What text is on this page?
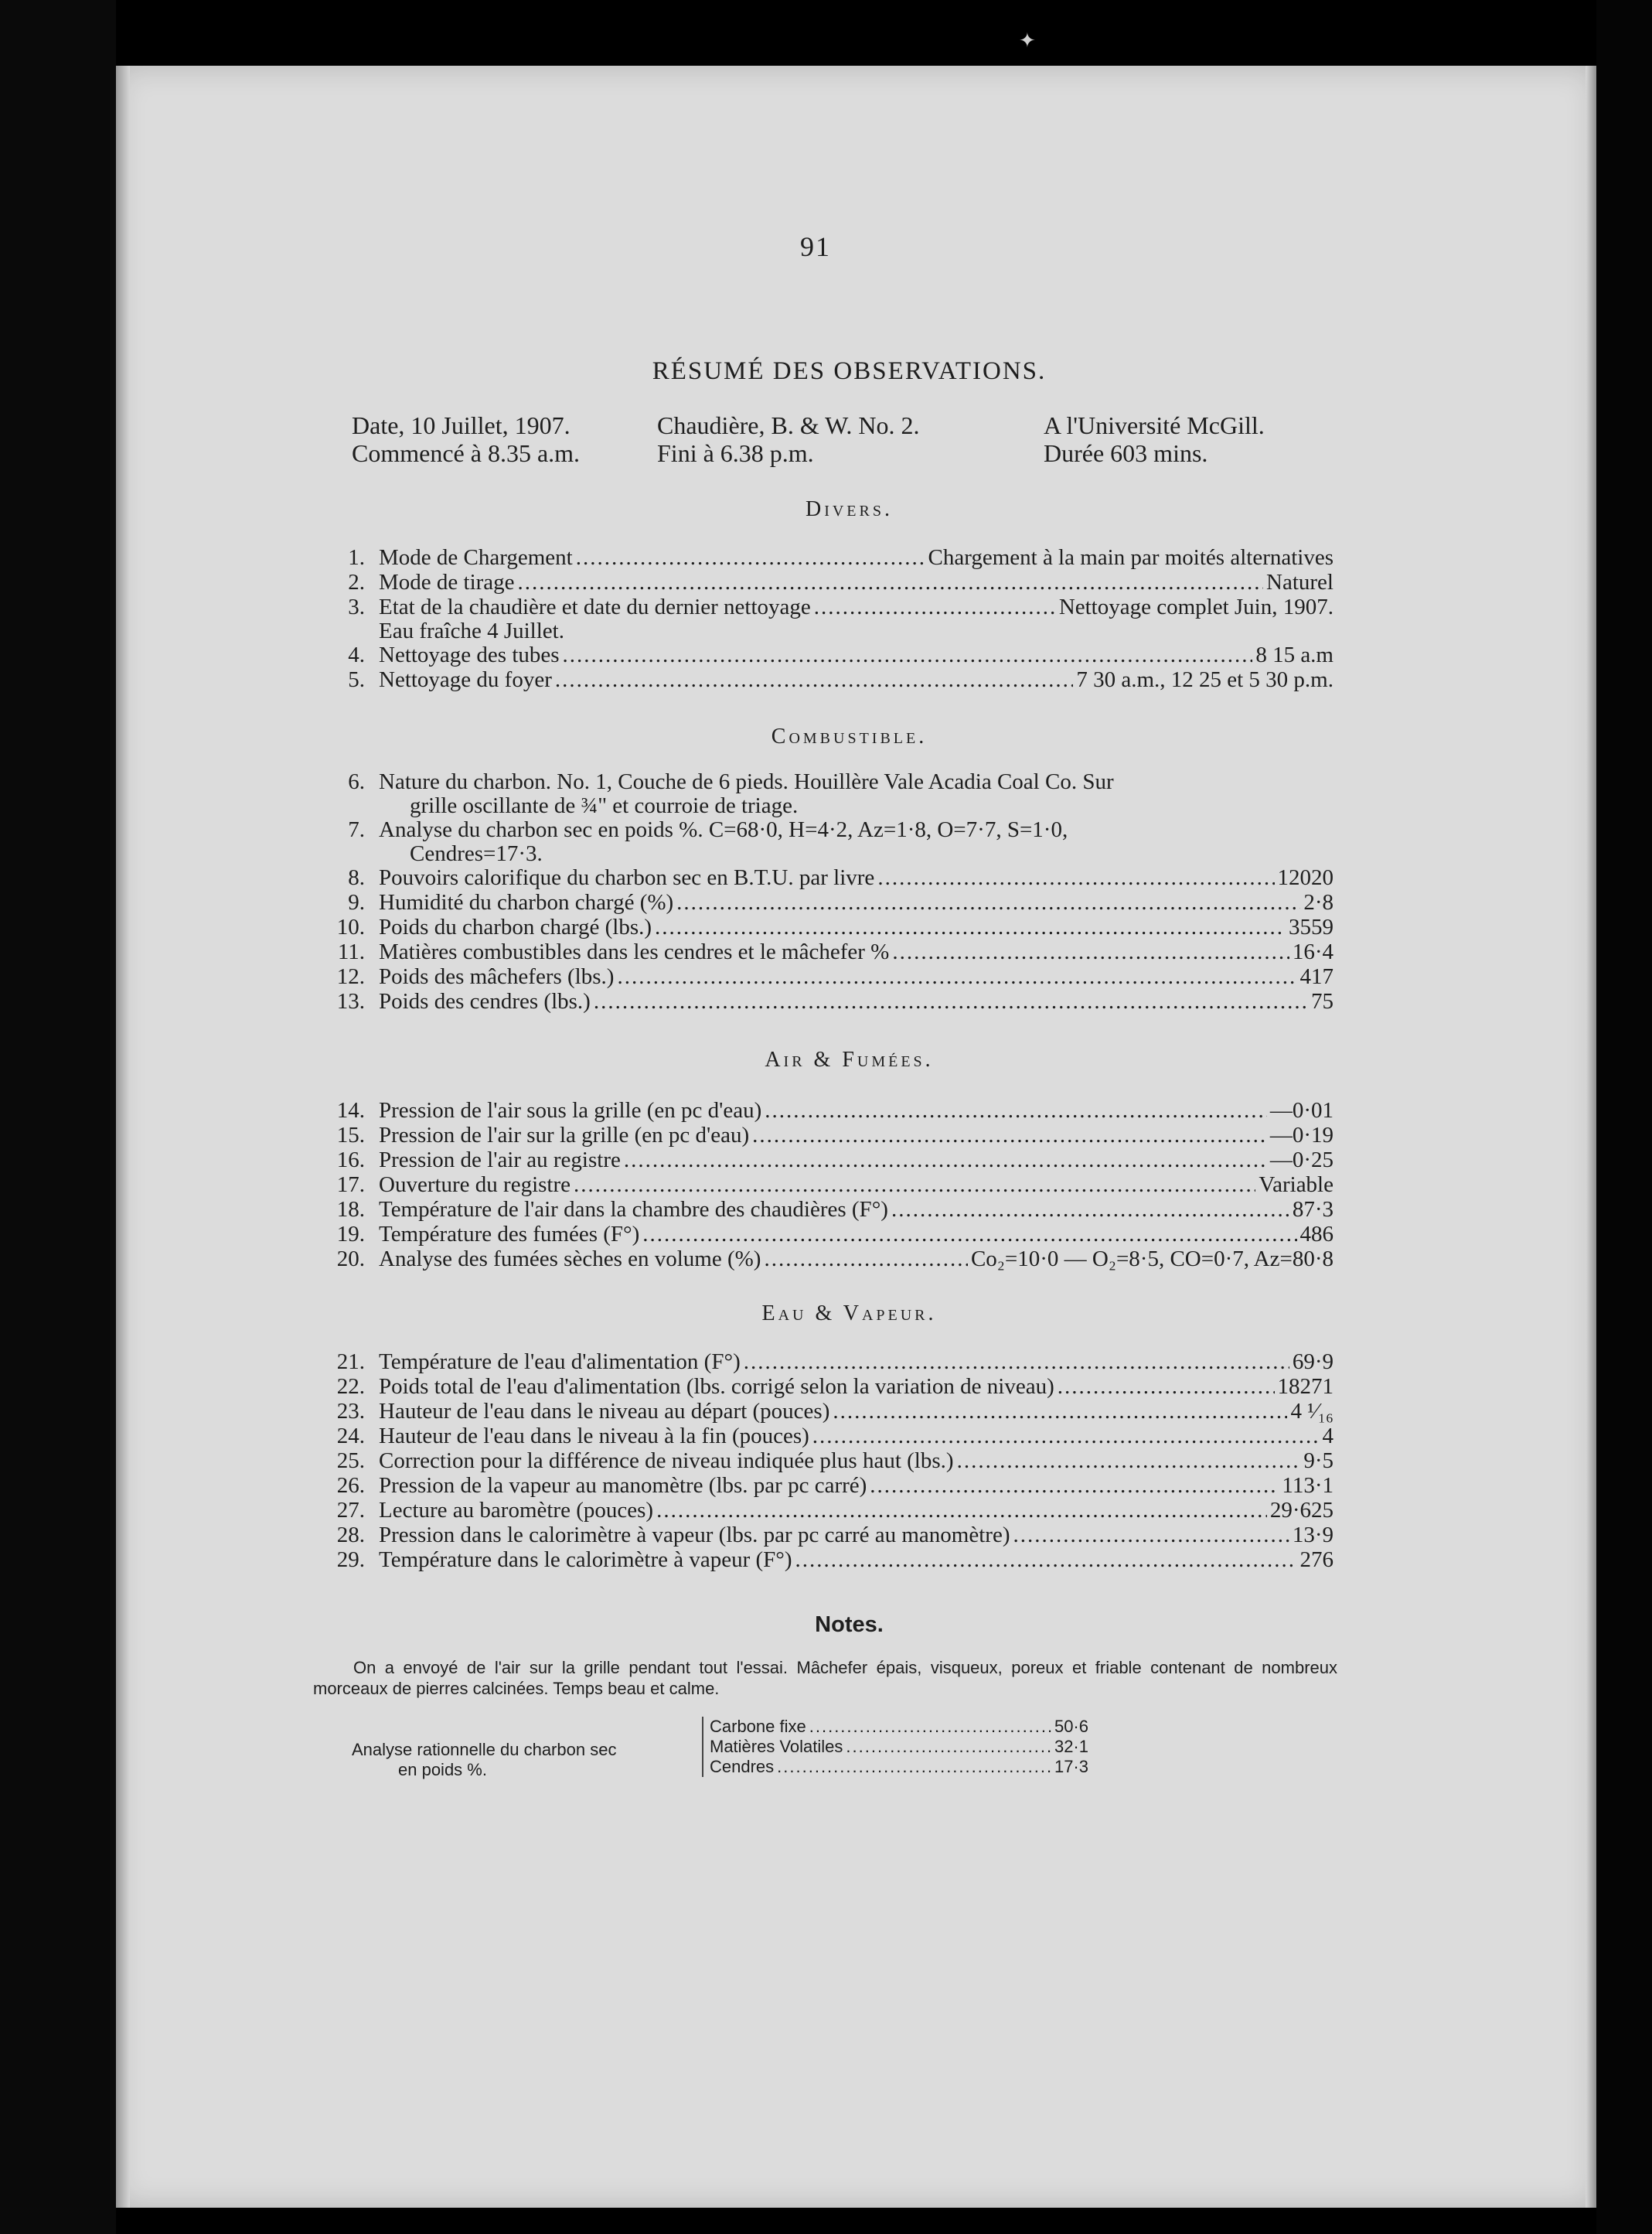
✦
91
RÉSUMÉ DES OBSERVATIONS.
Date, 10 Juillet, 1907.	Chaudière, B. & W. No. 2.	A l'Université McGill.
Commencé à 8.35 a.m.	Fini à 6.38 p.m.	Durée 603 mins.
Divers.
1. Mode de Chargement .....	Chargement à la main par moités alternatives
2. Mode de tirage .....	Naturel
3. Etat de la chaudière et date du dernier nettoyage .....	Nettoyage complet Juin, 1907.
Eau fraîche 4 Juillet.
4. Nettoyage des tubes .....	8 15 a.m
5. Nettoyage du foyer .....	7 30 a.m., 12 25 et 5 30 p.m.
Combustible.
6. Nature du charbon. No. 1, Couche de 6 pieds. Houillère Vale Acadia Coal Co. Sur
grille oscillante de ¾" et courroie de triage.
7. Analyse du charbon sec en poids %. C=68·0, H=4·2, Az=1·8, O=7·7, S=1·0,
Cendres=17·3.
8. Pouvoirs calorifique du charbon sec en B.T.U. par livre .....	12020
9. Humidité du charbon chargé (%) .....	2·8
10. Poids du charbon chargé (lbs.) .....	3559
11. Matières combustibles dans les cendres et le mâchefer % .....	16·4
12. Poids des mâchefers (lbs.) .....	417
13. Poids des cendres (lbs.) .....	75
Air & Fumées.
14. Pression de l'air sous la grille (en pc d'eau) .....	—0·01
15. Pression de l'air sur la grille (en pc d'eau) .....	—0·19
16. Pression de l'air au registre .....	—0·25
17. Ouverture du registre .....	Variable
18. Température de l'air dans la chambre des chaudières (F°) .....	87·3
19. Température des fumées (F°) .....	486
20. Analyse des fumées sèches en volume (%) .....	Co₂=10·0 — O₂=8·5, CO=0·7, Az=80·8
Eau & Vapeur.
21. Température de l'eau d'alimentation (F°) .....	69·9
22. Poids total de l'eau d'alimentation (lbs. corrigé selon la variation de niveau) .....	18271
23. Hauteur de l'eau dans le niveau au départ (pouces) .....	4 ¹⁄₁₆
24. Hauteur de l'eau dans le niveau à la fin (pouces) .....	4
25. Correction pour la différence de niveau indiquée plus haut (lbs.) .....	9·5
26. Pression de la vapeur au manomètre (lbs. par pc carré) .....	113·1
27. Lecture au baromètre (pouces) .....	29·625
28. Pression dans le calorimètre à vapeur (lbs. par pc carré au manomètre) .....	13·9
29. Température dans le calorimètre à vapeur (F°) .....	276
Notes.
On a envoyé de l'air sur la grille pendant tout l'essai. Mâchefer épais, visqueux, poreux et friable contenant de nombreux morceaux de pierres calcinées. Temps beau et calme.
Analyse rationnelle du charbon sec
en poids %.
Carbone fixe .....	50·6
Matières Volatiles .....	32·1
Cendres .....	17·3
